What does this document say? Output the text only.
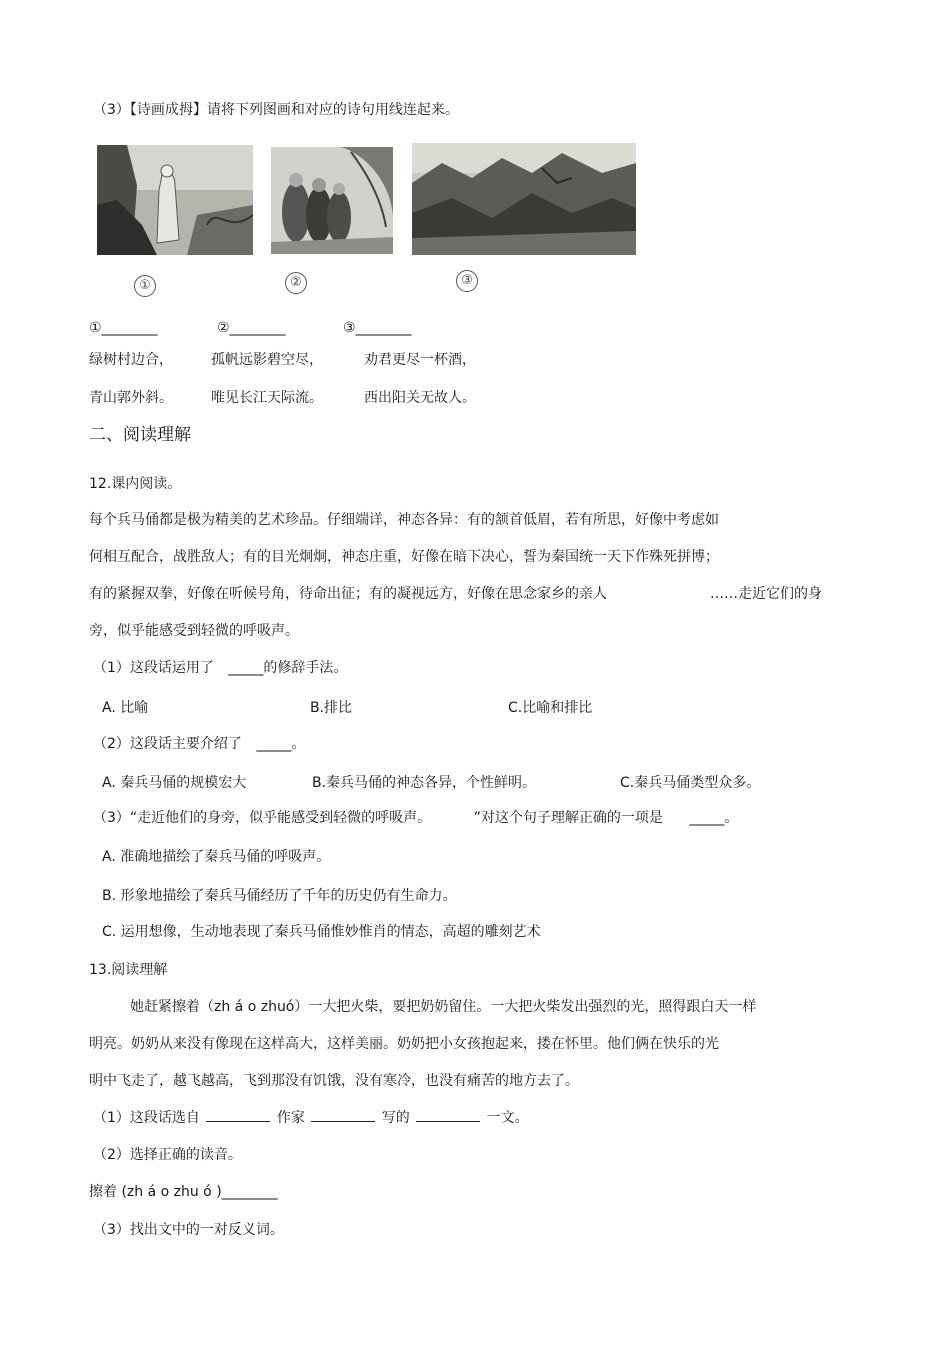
（3）【诗画成拇】请将下列图画和对应的诗句用线连起来。
①	②	③
①________	②________	③________
绿树村边合，	孤帆远影碧空尽，	劝君更尽一杯酒，
青山郭外斜。	唯见长江天际流。	西出阳关无故人。
二、阅读理解
12.课内阅读。
每个兵马俑都是极为精美的艺术珍品。仔细端详，神态各异：有的颔首低眉，若有所思，好像中考虑如
何相互配合，战胜敌人；有的目光炯炯，神态庄重，好像在暗下决心，誓为秦国统一天下作殊死拼博；
有的紧握双拳，好像在听候号角，待命出征；有的凝视远方，好像在思念家乡的亲人	……走近它们的身
旁，似乎能感受到轻微的呼吸声。
（1）这段话运用了 _____的修辞手法。
A. 比喻	B.排比	C.比喻和排比
（2）这段话主要介绍了 _____。
A. 秦兵马俑的规模宏大	B.秦兵马俑的神态各异，个性鲜明。	C.秦兵马俑类型众多。
（3）“走近他们的身旁，似乎能感受到轻微的呼吸声。	”对这个句子理解正确的一项是 _____。
A. 准确地描绘了秦兵马俑的呼吸声。
B. 形象地描绘了秦兵马俑经历了千年的历史仍有生命力。
C. 运用想像，生动地表现了秦兵马俑惟妙惟肖的情态，高超的雕刻艺术
13.阅读理解
她赶紧擦着（zh á o zhuó）一大把火柴，要把奶奶留住。一大把火柴发出强烈的光，照得跟白天一样
明亮。奶奶从来没有像现在这样高大，这样美丽。奶奶把小女孩抱起来，搂在怀里。他们俩在快乐的光
明中飞走了，越飞越高，飞到那没有饥饿，没有寒冷，也没有痛苦的地方去了。
（1）这段话选自	作家	写的	一文。
（2）选择正确的读音。
擦着 (zh á o zhu ó )________
（3）找出文中的一对反义词。
